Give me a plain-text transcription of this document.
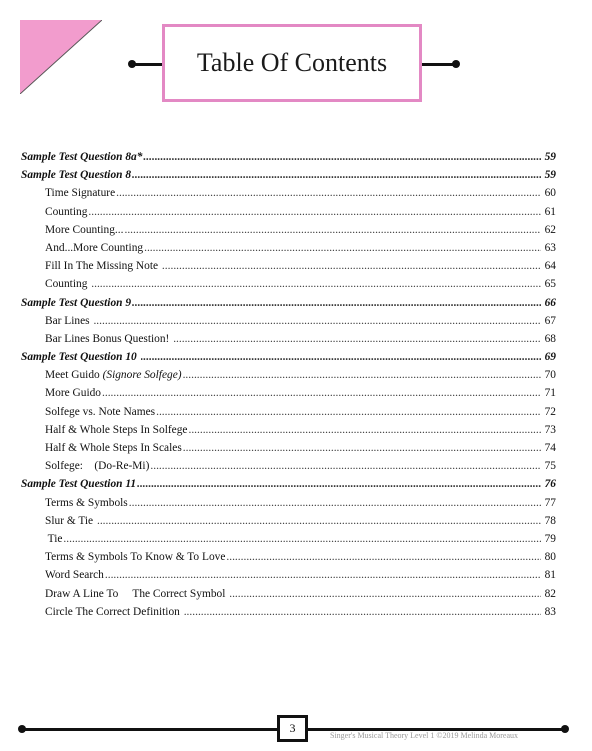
Table Of Contents
Sample Test Question 8a* .....	59
Sample Test Question 8 .....	59
Time Signature .....	60
Counting .....	61
More Counting... .....	62
And...More Counting .....	63
Fill In The Missing Note .....	64
Counting .....	65
Sample Test Question 9 .....	66
Bar Lines .....	67
Bar Lines Bonus Question! .....	68
Sample Test Question 10 .....	69
Meet Guido (Signore Solfege) .....	70
More Guido .....	71
Solfege vs. Note Names .....	72
Half & Whole Steps In Solfege .....	73
Half & Whole Steps In Scales .....	74
Solfege:    (Do-Re-Mi) .....	75
Sample Test Question 11 .....	76
Terms & Symbols .....	77
Slur & Tie .....	78
Tie .....	79
Terms & Symbols To Know & To Love .....	80
Word Search .....	81
Draw A Line To     The Correct Symbol .....	82
Circle The Correct Definition .....	83
3
Singer's Musical Theory Level 1 ©2019 Melinda Moreaux
